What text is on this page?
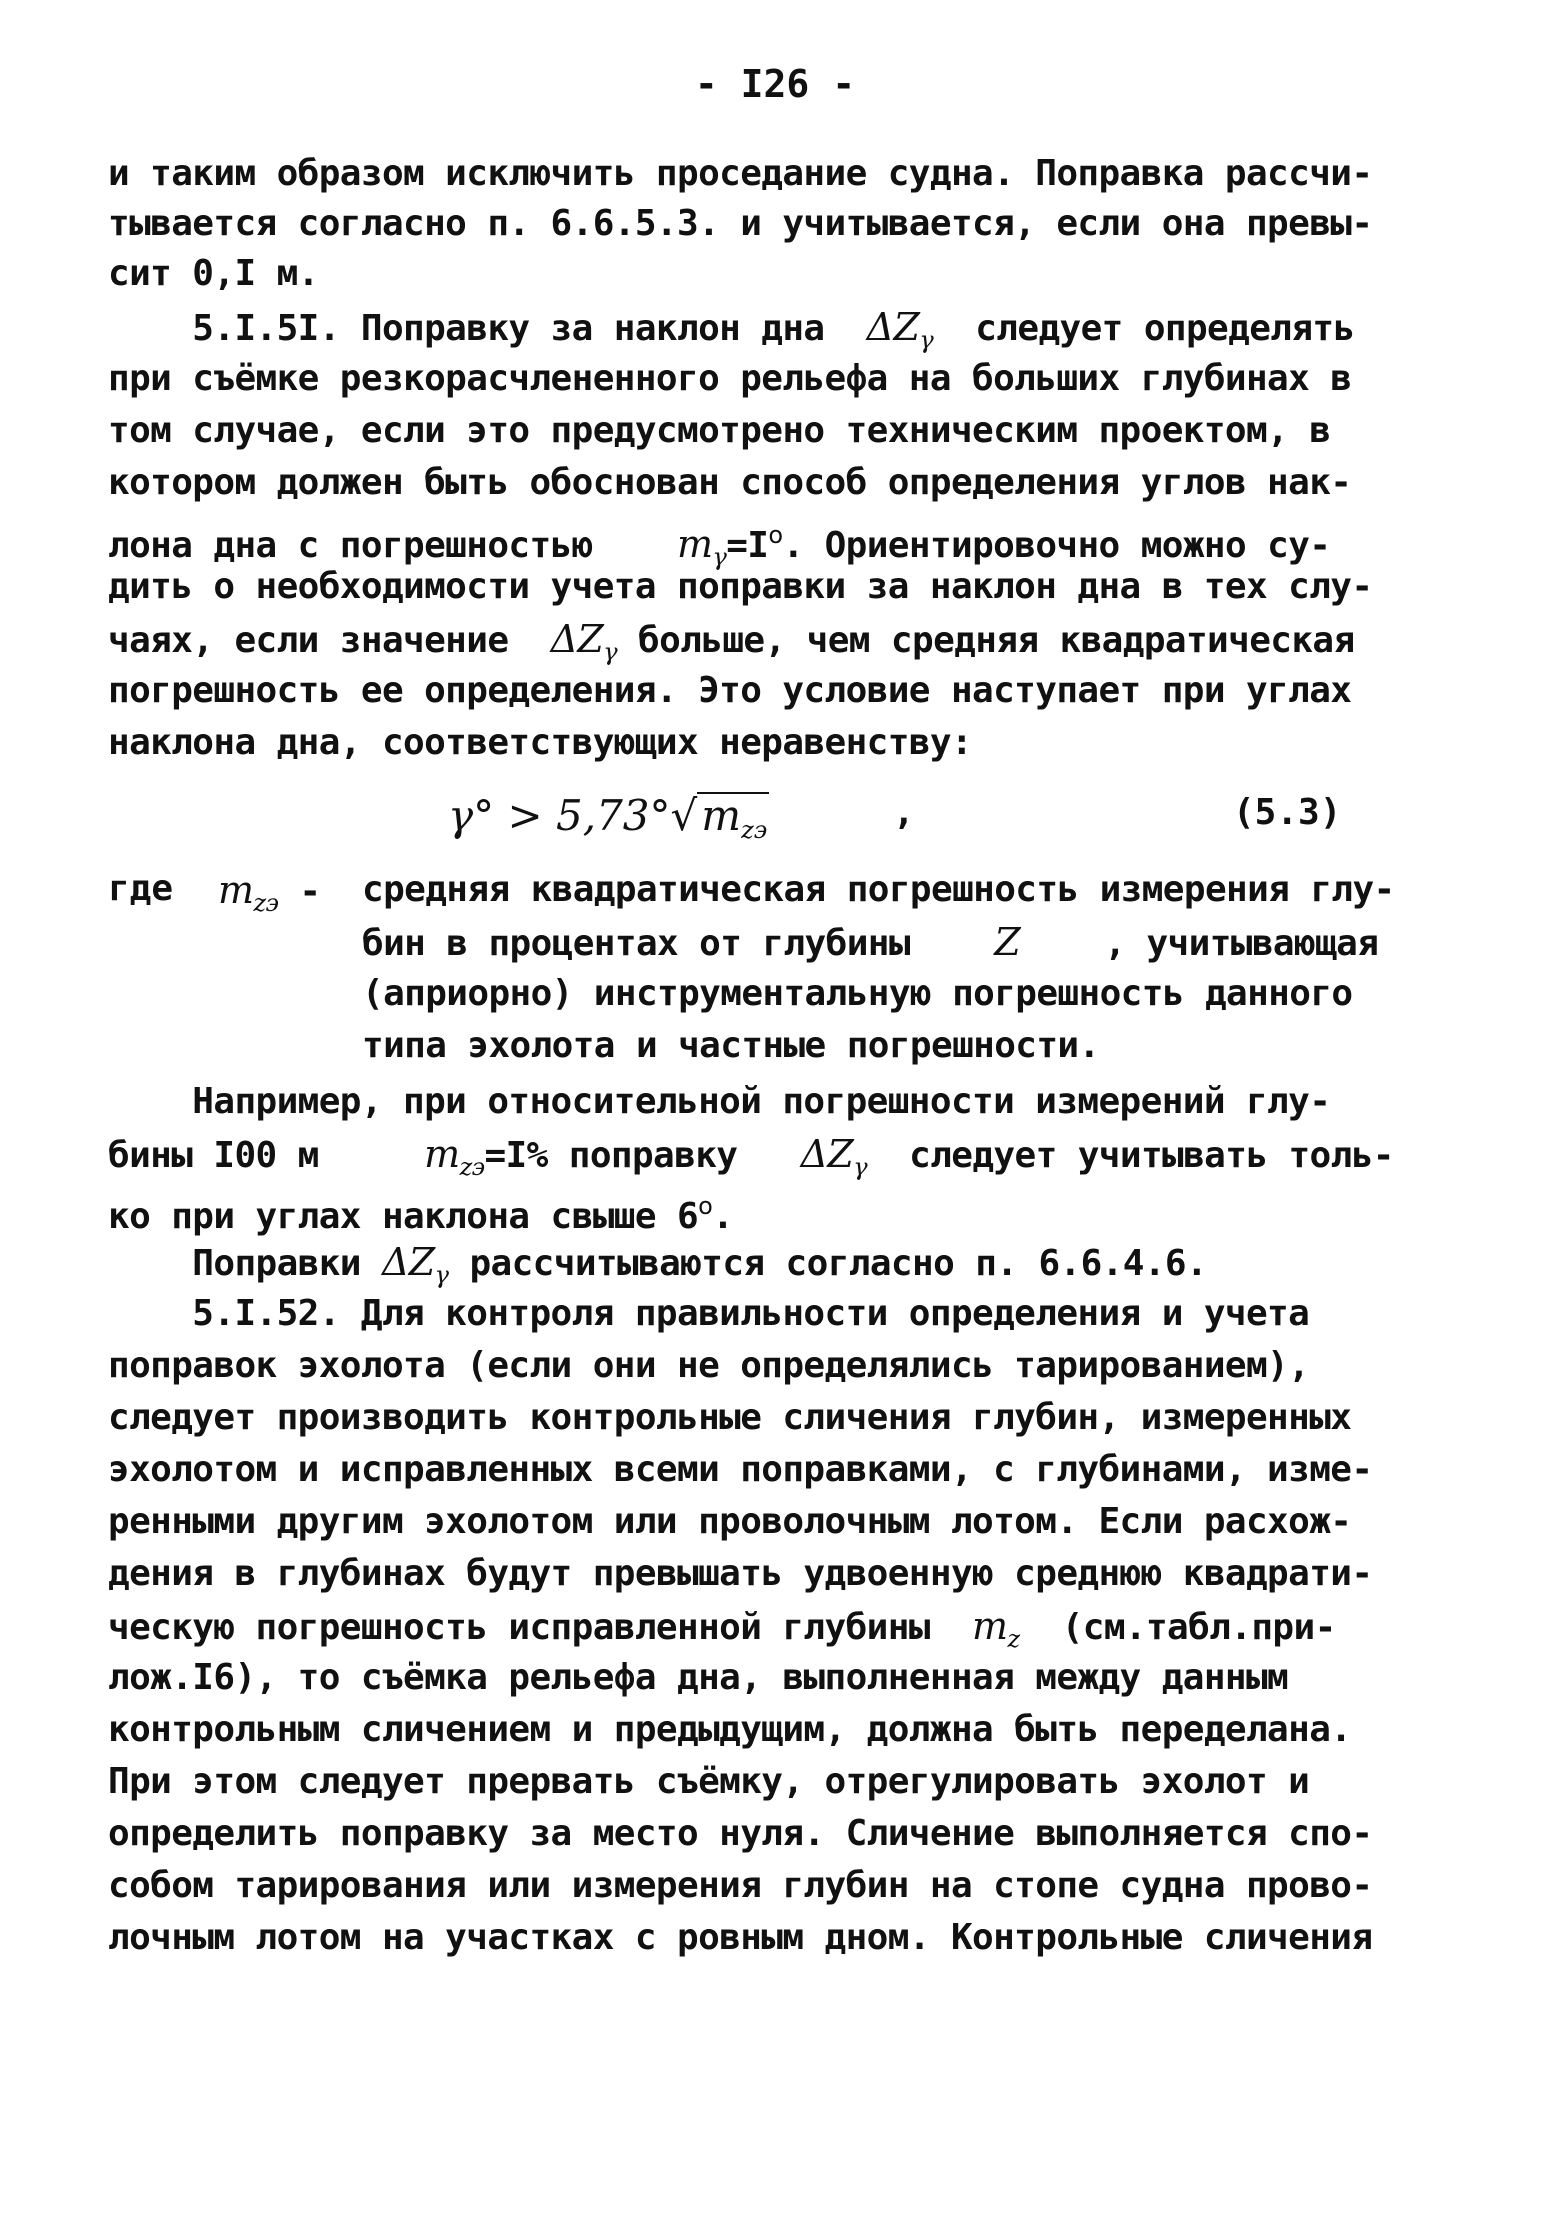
- I26 -
и таким образом исключить проседание судна. Поправка рассчи-
тывается согласно п. 6.6.5.3. и учитывается, если она превы-
сит 0,I м.
5.I.5I. Поправку за наклон дна $\Delta Z_\gamma$ следует определять
при съёмке резкорасчлененного рельефа на больших глубинах в
том случае, если это предусмотрено техническим проектом, в
котором должен быть обоснован способ определения углов нак-
лона дна с погрешностью $m_\gamma=I^o$. Ориентировочно можно су-
дить о необходимости учета поправки за наклон дна в тех слу-
чаях, если значение $\Delta Z_\gamma$ больше, чем средняя квадратическая
погрешность ее определения. Это условие наступает при углах
наклона дна, соответствующих неравенству:
$\gamma^\circ > 5,73^\circ√m_{zэ}$	,	(5.3)
где $m_{zэ}$ - средняя квадратическая погрешность измерения глу-
бин в процентах от глубины Z , учитывающая
(априорно) инструментальную погрешность данного
типа эхолота и частные погрешности.
Например, при относительной погрешности измерений глу-
бины I00 м	$m_{zэ}=I\%$ поправку $\Delta Z_\gamma$ следует учитывать толь-
ко при углах наклона свыше 6$^o$.
Поправки $\Delta Z_\gamma$ рассчитываются согласно п. 6.6.4.6.
5.I.52. Для контроля правильности определения и учета
поправок эхолота (если они не определялись тарированием),
следует производить контрольные сличения глубин, измеренных
эхолотом и исправленных всеми поправками, с глубинами, изме-
ренными другим эхолотом или проволочным лотом. Если расхож-
дения в глубинах будут превышать удвоенную среднюю квадрати-
ческую погрешность исправленной глубины $m_z$ (см.табл.при-
лож.I6), то съёмка рельефа дна, выполненная между данным
контрольным сличением и предыдущим, должна быть переделана.
При этом следует прервать съёмку, отрегулировать эхолот и
определить поправку за место нуля. Сличение выполняется спо-
собом тарирования или измерения глубин на стопе судна прово-
лочным лотом на участках с ровным дном. Контрольные сличения
